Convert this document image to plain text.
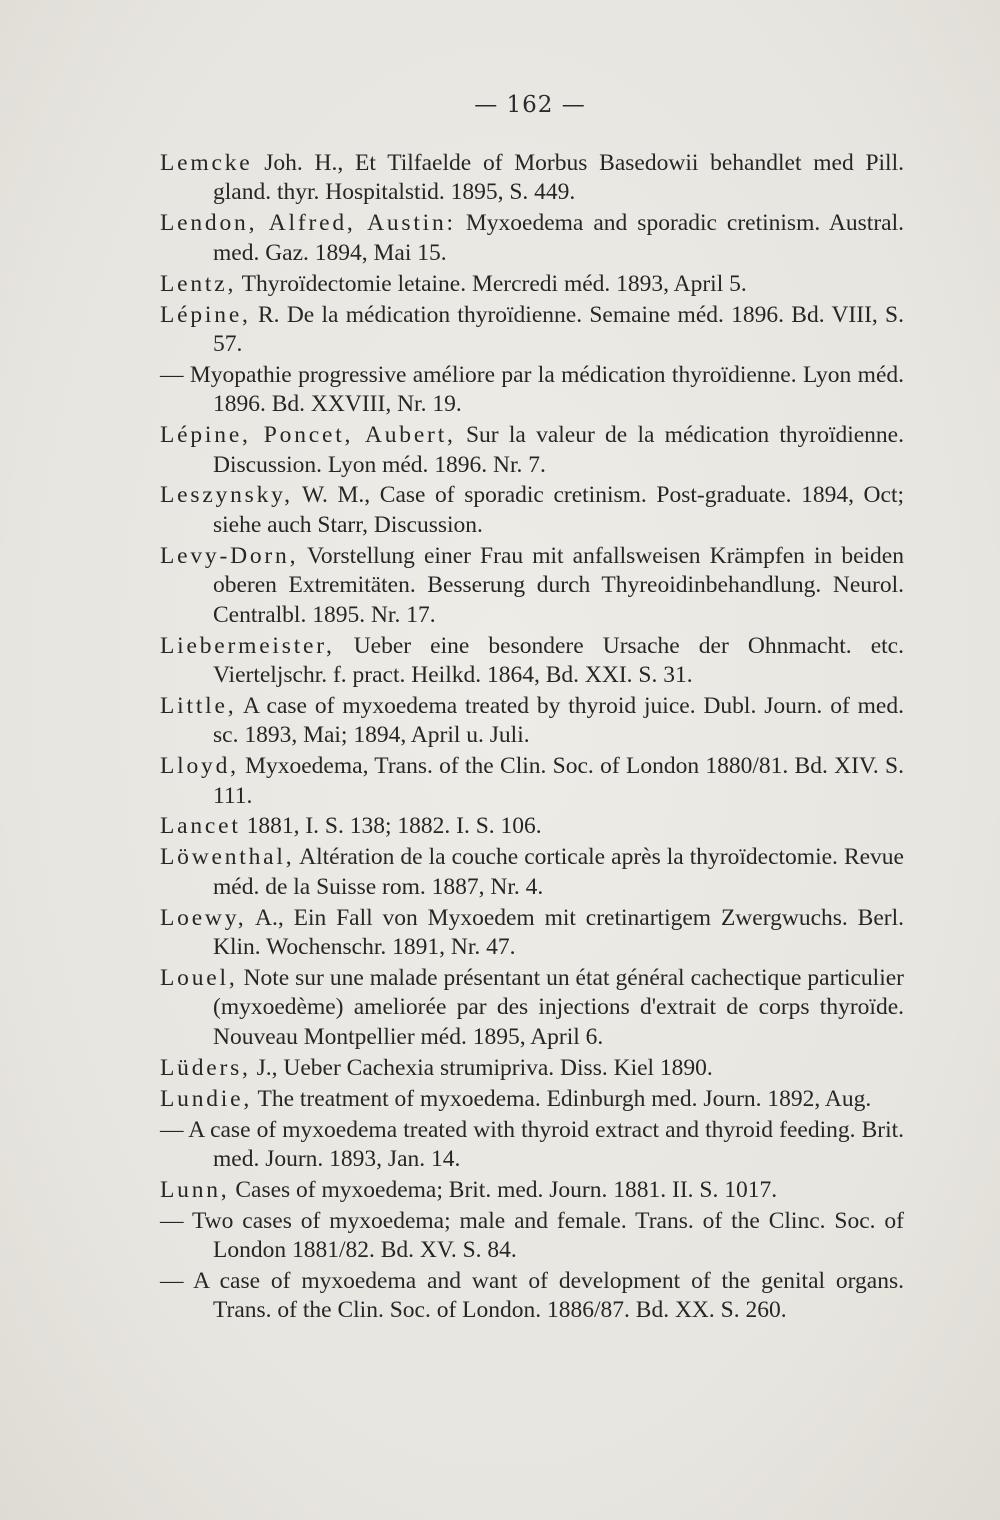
— 162 —

Lemcke Joh. H., Et Tilfaelde of Morbus Basedowii behandlet med Pill. gland. thyr. Hospitalstid. 1895, S. 449.

Lendon, Alfred, Austin: Myxoedema and sporadic cretinism. Austral. med. Gaz. 1894, Mai 15.

Lentz, Thyroïdectomie letaine. Mercredi méd. 1893, April 5.

Lépine, R. De la médication thyroïdienne. Semaine méd. 1896. Bd. VIII, S. 57.

— Myopathie progressive améliore par la médication thyroïdienne. Lyon méd. 1896. Bd. XXVIII, Nr. 19.

Lépine, Poncet, Aubert, Sur la valeur de la médication thyroïdienne. Discussion. Lyon méd. 1896. Nr. 7.

Leszynsky, W. M., Case of sporadic cretinism. Post-graduate. 1894, Oct; siehe auch Starr, Discussion.

Levy-Dorn, Vorstellung einer Frau mit anfallsweisen Krämpfen in beiden oberen Extremitäten. Besserung durch Thyreoidinbehandlung. Neurol. Centralbl. 1895. Nr. 17.

Liebermeister, Ueber eine besondere Ursache der Ohnmacht. etc. Vierteljschr. f. pract. Heilkd. 1864, Bd. XXI. S. 31.

Little, A case of myxoedema treated by thyroid juice. Dubl. Journ. of med. sc. 1893, Mai; 1894, April u. Juli.

Lloyd, Myxoedema, Trans. of the Clin. Soc. of London 1880/81. Bd. XIV. S. 111.

Lancet 1881, I. S. 138; 1882. I. S. 106.

Löwenthal, Altération de la couche corticale après la thyroïdectomie. Revue méd. de la Suisse rom. 1887, Nr. 4.

Loewy, A., Ein Fall von Myxoedem mit cretinartigem Zwergwuchs. Berl. Klin. Wochenschr. 1891, Nr. 47.

Louel, Note sur une malade présentant un état général cachectique particulier (myxoedème) ameliorée par des injections d'extrait de corps thyroïde. Nouveau Montpellier méd. 1895, April 6.

Lüders, J., Ueber Cachexia strumipriva. Diss. Kiel 1890.

Lundie, The treatment of myxoedema. Edinburgh med. Journ. 1892, Aug.

— A case of myxoedema treated with thyroid extract and thyroid feeding. Brit. med. Journ. 1893, Jan. 14.

Lunn, Cases of myxoedema; Brit. med. Journ. 1881. II. S. 1017.

— Two cases of myxoedema; male and female. Trans. of the Clinc. Soc. of London 1881/82. Bd. XV. S. 84.

— A case of myxoedema and want of development of the genital organs. Trans. of the Clin. Soc. of London. 1886/87. Bd. XX. S. 260.
